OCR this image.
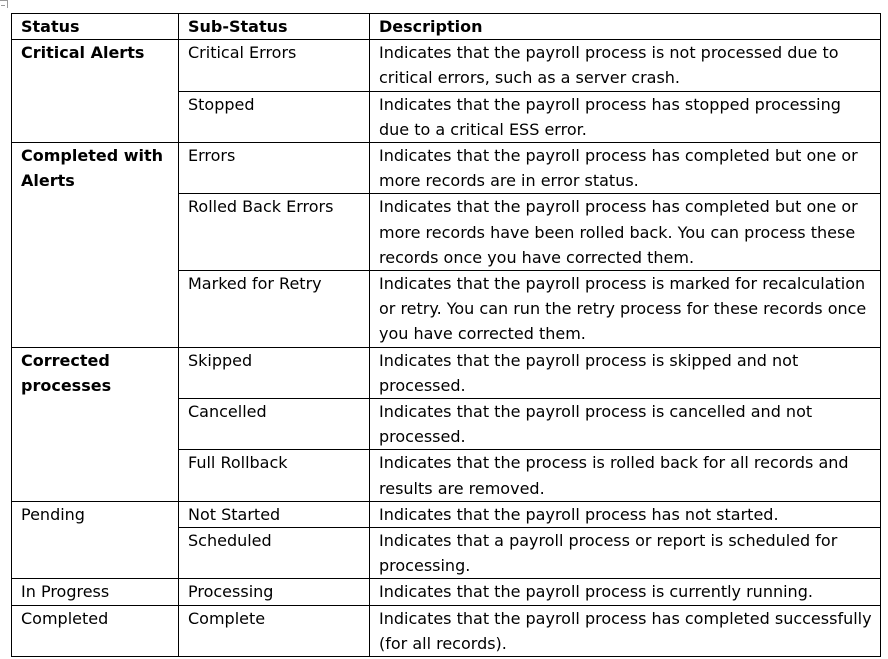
Status	Sub-Status	Description
Critical Alerts	Critical Errors	Indicates that the payroll process is not processed due to critical errors, such as a server crash.
	Stopped	Indicates that the payroll process has stopped processing due to a critical ESS error.
Completed with Alerts	Errors	Indicates that the payroll process has completed but one or more records are in error status.
	Rolled Back Errors	Indicates that the payroll process has completed but one or more records have been rolled back. You can process these records once you have corrected them.
	Marked for Retry	Indicates that the payroll process is marked for recalculation or retry. You can run the retry process for these records once you have corrected them.
Corrected processes	Skipped	Indicates that the payroll process is skipped and not processed.
	Cancelled	Indicates that the payroll process is cancelled and not processed.
	Full Rollback	Indicates that the process is rolled back for all records and results are removed.
Pending	Not Started	Indicates that the payroll process has not started.
	Scheduled	Indicates that a payroll process or report is scheduled for processing.
In Progress	Processing	Indicates that the payroll process is currently running.
Completed	Complete	Indicates that the payroll process has completed successfully (for all records).
